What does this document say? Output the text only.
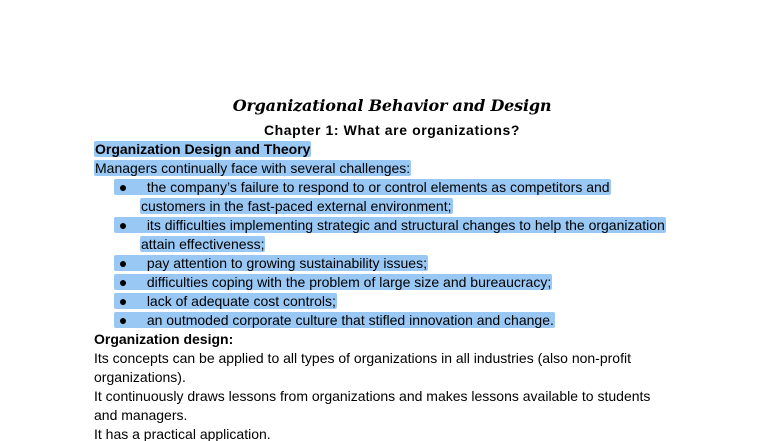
Organizational Behavior and Design
Chapter 1: What are organizations?
Organization Design and Theory
Managers continually face with several challenges:
● the company’s failure to respond to or control elements as competitors and
customers in the fast-paced external environment;
● its difficulties implementing strategic and structural changes to help the organization
attain effectiveness;
● pay attention to growing sustainability issues;
● difficulties coping with the problem of large size and bureaucracy;
● lack of adequate cost controls;
● an outmoded corporate culture that stifled innovation and change.
Organization design:
Its concepts can be applied to all types of organizations in all industries (also non-profit
organizations).
It continuously draws lessons from organizations and makes lessons available to students
and managers.
It has a practical application.
